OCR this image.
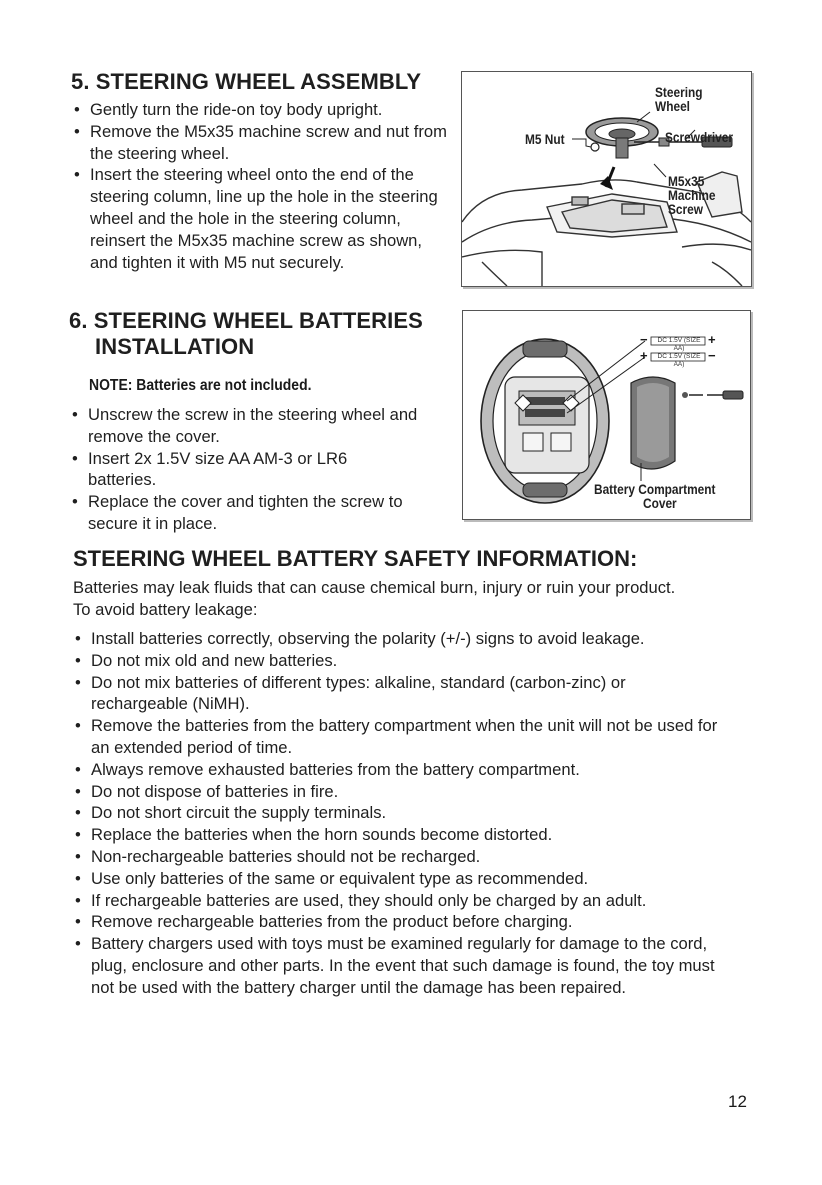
5. STEERING WHEEL ASSEMBLY
• Gently turn the ride-on toy body upright.
• Remove the M5x35 machine screw and nut from the steering wheel.
• Insert the steering wheel onto the end of the steering column, line up the hole in the steering wheel and the hole in the steering column, reinsert the M5x35 machine screw as shown, and tighten it with M5 nut securely.
Steering
Wheel
M5 Nut	Screwdriver
M5x35
Machine
Screw
6. STEERING WHEEL BATTERIES
INSTALLATION
NOTE: Batteries are not included.
• Unscrew the screw in the steering wheel and remove the cover.
• Insert 2x 1.5V size AA AM-3 or LR6 batteries.
• Replace the cover and tighten the screw to secure it in place.
DC 1.5V (SIZE AA)
DC 1.5V (SIZE AA)
−	+
+	−
Battery Compartment
Cover
STEERING WHEEL BATTERY SAFETY INFORMATION:
Batteries may leak fluids that can cause chemical burn, injury or ruin your product.
To avoid battery leakage:
• Install batteries correctly, observing the polarity (+/-) signs to avoid leakage.
• Do not mix old and new batteries.
• Do not mix batteries of different types: alkaline, standard (carbon-zinc) or rechargeable (NiMH).
• Remove the batteries from the battery compartment when the unit will not be used for an extended period of time.
• Always remove exhausted batteries from the battery compartment.
• Do not dispose of batteries in fire.
• Do not short circuit the supply terminals.
• Replace the batteries when the horn sounds become distorted.
• Non-rechargeable batteries should not be recharged.
• Use only batteries of the same or equivalent type as recommended.
• If rechargeable batteries are used, they should only be charged by an adult.
• Remove rechargeable batteries from the product before charging.
• Battery chargers used with toys must be examined regularly for damage to the cord, plug, enclosure and other parts. In the event that such damage is found, the toy must not be used with the battery charger until the damage has been repaired.
12
